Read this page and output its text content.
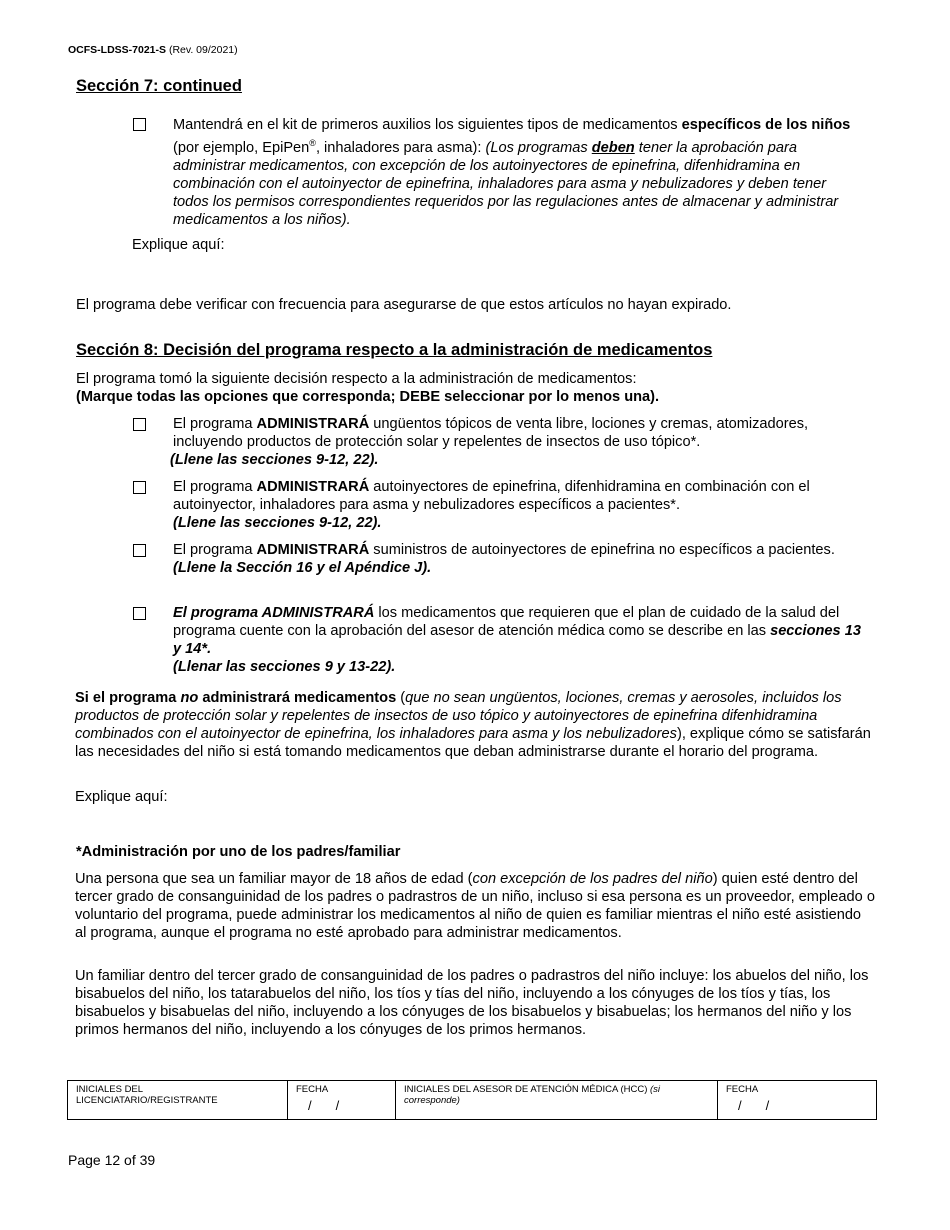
OCFS-LDSS-7021-S (Rev. 09/2021)
Sección 7: continued

Mantendrá en el kit de primeros auxilios los siguientes tipos de medicamentos específicos de los niños (por ejemplo, EpiPen®, inhaladores para asma): (Los programas deben tener la aprobación para administrar medicamentos, con excepción de los autoinyectores de epinefrina, difenhidramina en combinación con el autoinyector de epinefrina, inhaladores para asma y nebulizadores y deben tener todos los permisos correspondientes requeridos por las regulaciones antes de almacenar y administrar medicamentos a los niños).

Explique aquí:

El programa debe verificar con frecuencia para asegurarse de que estos artículos no hayan expirado.

Sección 8: Decisión del programa respecto a la administración de medicamentos

El programa tomó la siguiente decisión respecto a la administración de medicamentos:
(Marque todas las opciones que corresponda; DEBE seleccionar por lo menos una).

El programa ADMINISTRARÁ ungüentos tópicos de venta libre, lociones y cremas, atomizadores, incluyendo productos de protección solar y repelentes de insectos de uso tópico*.
(Llene las secciones 9-12, 22).

El programa ADMINISTRARÁ autoinyectores de epinefrina, difenhidramina en combinación con el autoinyector, inhaladores para asma y nebulizadores específicos a pacientes*.
(Llene las secciones 9-12, 22).

El programa ADMINISTRARÁ suministros de autoinyectores de epinefrina no específicos a pacientes.
(Llene la Sección 16 y el Apéndice J).

El programa ADMINISTRARÁ los medicamentos que requieren que el plan de cuidado de la salud del programa cuente con la aprobación del asesor de atención médica como se describe en las secciones 13 y 14*.
(Llenar las secciones 9 y 13-22).

Si el programa no administrará medicamentos (que no sean ungüentos, lociones, cremas y aerosoles, incluidos los productos de protección solar y repelentes de insectos de uso tópico y autoinyectores de epinefrina difenhidramina combinados con el autoinyector de epinefrina, los inhaladores para asma y los nebulizadores), explique cómo se satisfarán las necesidades del niño si está tomando medicamentos que deban administrarse durante el horario del programa.

Explique aquí:

*Administración por uno de los padres/familiar

Una persona que sea un familiar mayor de 18 años de edad (con excepción de los padres del niño) quien esté dentro del tercer grado de consanguinidad de los padres o padrastros de un niño, incluso si esa persona es un proveedor, empleado o voluntario del programa, puede administrar los medicamentos al niño de quien es familiar mientras el niño esté asistiendo al programa, aunque el programa no esté aprobado para administrar medicamentos.

Un familiar dentro del tercer grado de consanguinidad de los padres o padrastros del niño incluye: los abuelos del niño, los bisabuelos del niño, los tatarabuelos del niño, los tíos y tías del niño, incluyendo a los cónyuges de los tíos y tías, los bisabuelos y bisabuelas del niño, incluyendo a los cónyuges de los bisabuelos y bisabuelas; los hermanos del niño y los primos hermanos del niño, incluyendo a los cónyuges de los primos hermanos.

INICIALES DEL LICENCIATARIO/REGISTRANTE
FECHA
/     /
INICIALES DEL ASESOR DE ATENCIÓN MÉDICA (HCC) (si corresponde)
FECHA
/     /
Page 12 of 39
